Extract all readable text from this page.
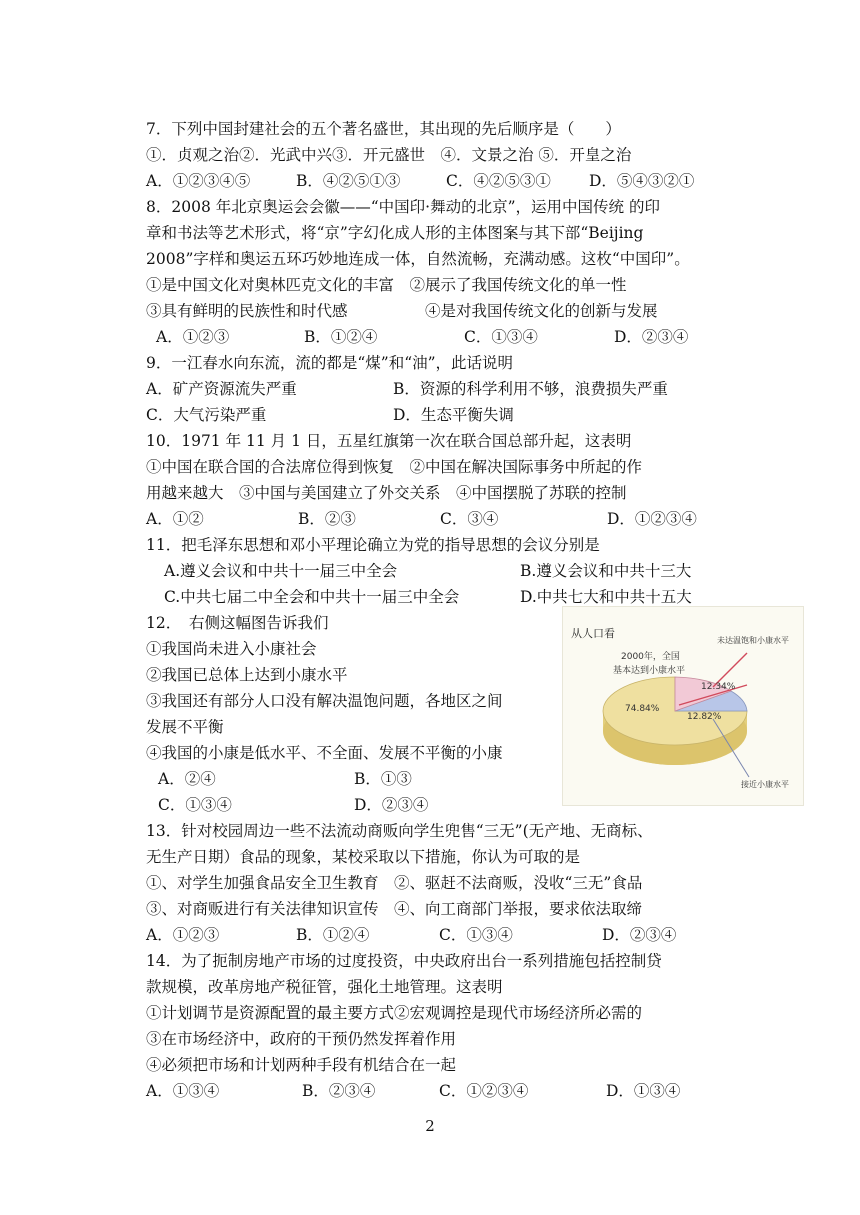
7．下列中国封建社会的五个著名盛世，其出现的先后顺序是（　　）
①．贞观之治②．光武中兴③．开元盛世　④．文景之治 ⑤．开皇之治
A．①②③④⑤	B．④②⑤①③	C．④②⑤③①	D．⑤④③②①
8．2008 年北京奥运会会徽——“中国印·舞动的北京”，运用中国传统 的印
章和书法等艺术形式，将“京”字幻化成人形的主体图案与其下部“Beijing
2008”字样和奥运五环巧妙地连成一体，自然流畅，充满动感。这枚“中国印”。
①是中国文化对奥林匹克文化的丰富　②展示了我国传统文化的单一性
③具有鲜明的民族性和时代感　　　　　④是对我国传统文化的创新与发展
A．①②③	B．①②④	C．①③④	D．②③④
9．一江春水向东流，流的都是“煤”和“油”，此话说明
A．矿产资源流失严重	B．资源的科学利用不够，浪费损失严重
C．大气污染严重	D．生态平衡失调
10．1971 年 11 月 1 日，五星红旗第一次在联合国总部升起，这表明
①中国在联合国的合法席位得到恢复　②中国在解决国际事务中所起的作
用越来越大　③中国与美国建立了外交关系　④中国摆脱了苏联的控制
A．①②	B．②③	C．③④	D．①②③④
11．把毛泽东思想和邓小平理论确立为党的指导思想的会议分别是
A.遵义会议和中共十一届三中全会	B.遵义会议和中共十三大
C.中共七届二中全会和中共十一届三中全会	D.中共七大和中共十五大
12．　右侧这幅图告诉我们
①我国尚未进入小康社会
②我国已总体上达到小康水平
③我国还有部分人口没有解决温饱问题，各地区之间
发展不平衡
④我国的小康是低水平、不全面、发展不平衡的小康
A．②④	B．①③
C．①③④	D．②③④
13．针对校园周边一些不法流动商贩向学生兜售“三无”(无产地、无商标、
无生产日期）食品的现象，某校采取以下措施，你认为可取的是
①、对学生加强食品安全卫生教育　②、驱赶不法商贩，没收“三无”食品
③、对商贩进行有关法律知识宣传　④、向工商部门举报，要求依法取缔
A．①②③	B．①②④	C．①③④	D．②③④
14．为了扼制房地产市场的过度投资，中央政府出台一系列措施包括控制贷
款规模，改革房地产税征管，强化土地管理。这表明
①计划调节是资源配置的最主要方式②宏观调控是现代市场经济所必需的
③在市场经济中，政府的干预仍然发挥着作用
④必须把市场和计划两种手段有机结合在一起
A．①③④	B．②③④	C．①②③④	D．①③④
从人口看
2000年，全国
基本达到小康水平
74.84%
12.82%
12.34%
未达温饱和小康水平
接近小康水平
2
